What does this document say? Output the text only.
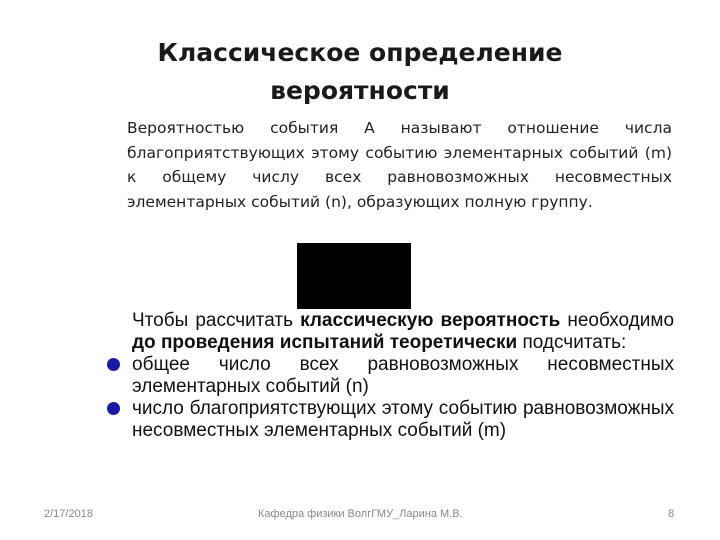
Классическое определение
вероятности
Вероятностью события А называют отношение числа благоприятствующих этому событию элементарных событий (m) к общему числу всех равновозможных несовместных элементарных событий (n), образующих полную группу.
Чтобы рассчитать классическую вероятность необходимо до проведения испытаний теоретически подсчитать:
общее число всех равновозможных несовместных элементарных событий (n)
число благоприятствующих этому событию равновозможных несовместных элементарных событий (m)
2/17/2018	Кафедра физики ВолгГМУ_Ларина М.В.	8
